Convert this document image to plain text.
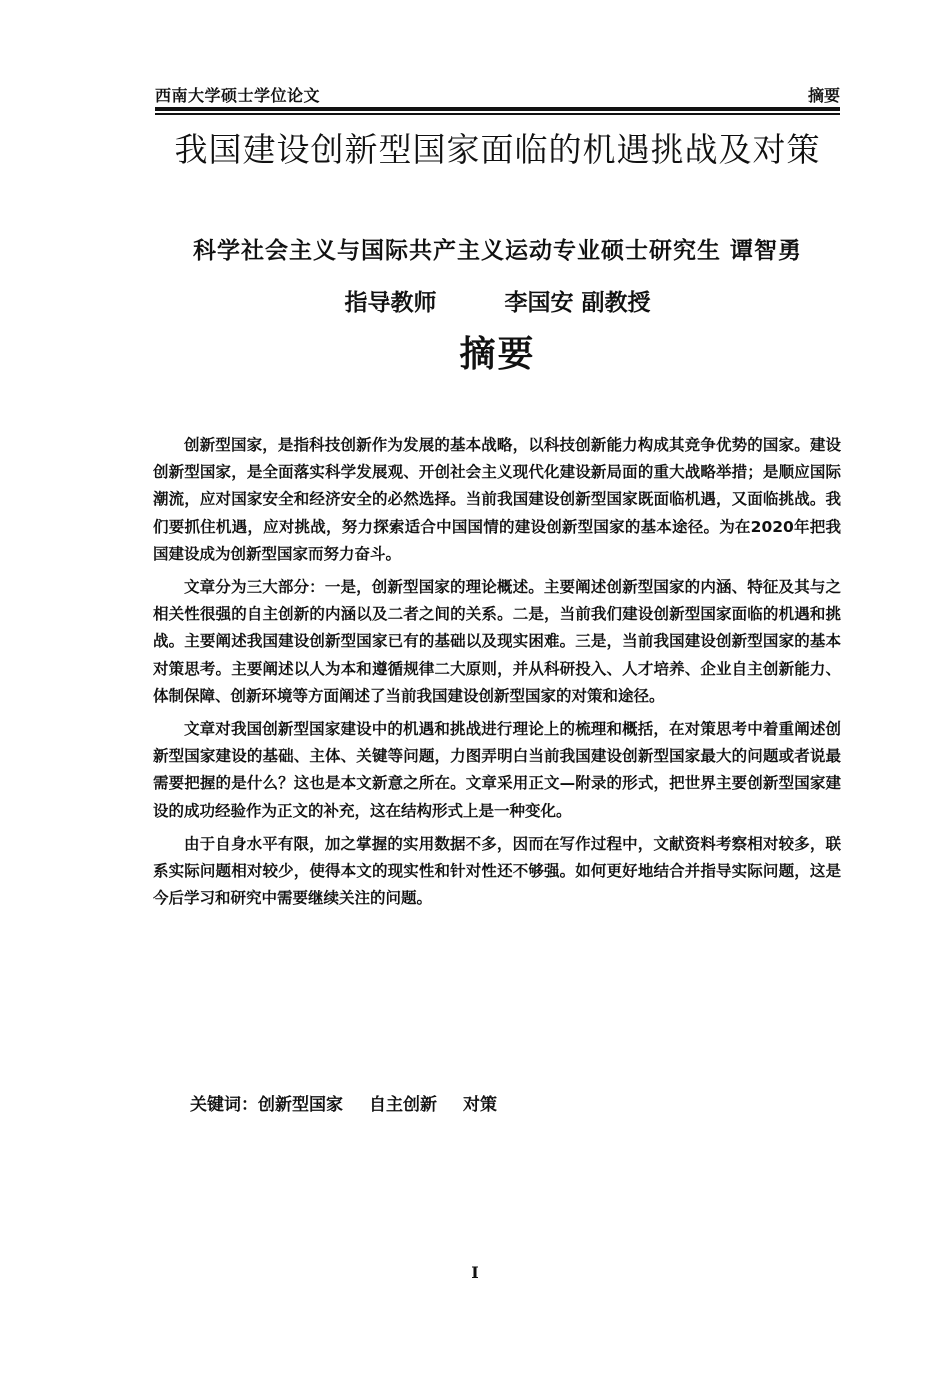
西南大学硕士学位论文	摘要
我国建设创新型国家面临的机遇挑战及对策
科学社会主义与国际共产主义运动专业硕士研究生 谭智勇
指导教师	李国安 副教授
摘要

创新型国家，是指科技创新作为发展的基本战略，以科技创新能力构成其竞争优势的国家。建设创新型国家，是全面落实科学发展观、开创社会主义现代化建设新局面的重大战略举措；是顺应国际潮流，应对国家安全和经济安全的必然选择。当前我国建设创新型国家既面临机遇，又面临挑战。我们要抓住机遇，应对挑战，努力探索适合中国国情的建设创新型国家的基本途径。为在2020年把我国建设成为创新型国家而努力奋斗。

文章分为三大部分：一是，创新型国家的理论概述。主要阐述创新型国家的内涵、特征及其与之相关性很强的自主创新的内涵以及二者之间的关系。二是，当前我们建设创新型国家面临的机遇和挑战。主要阐述我国建设创新型国家已有的基础以及现实困难。三是，当前我国建设创新型国家的基本对策思考。主要阐述以人为本和遵循规律二大原则，并从科研投入、人才培养、企业自主创新能力、体制保障、创新环境等方面阐述了当前我国建设创新型国家的对策和途径。

文章对我国创新型国家建设中的机遇和挑战进行理论上的梳理和概括，在对策思考中着重阐述创新型国家建设的基础、主体、关键等问题，力图弄明白当前我国建设创新型国家最大的问题或者说最需要把握的是什么？这也是本文新意之所在。文章采用正文—附录的形式，把世界主要创新型国家建设的成功经验作为正文的补充，这在结构形式上是一种变化。

由于自身水平有限，加之掌握的实用数据不多，因而在写作过程中，文献资料考察相对较多，联系实际问题相对较少，使得本文的现实性和针对性还不够强。如何更好地结合并指导实际问题，这是今后学习和研究中需要继续关注的问题。

关键词：创新型国家 自主创新 对策
I
